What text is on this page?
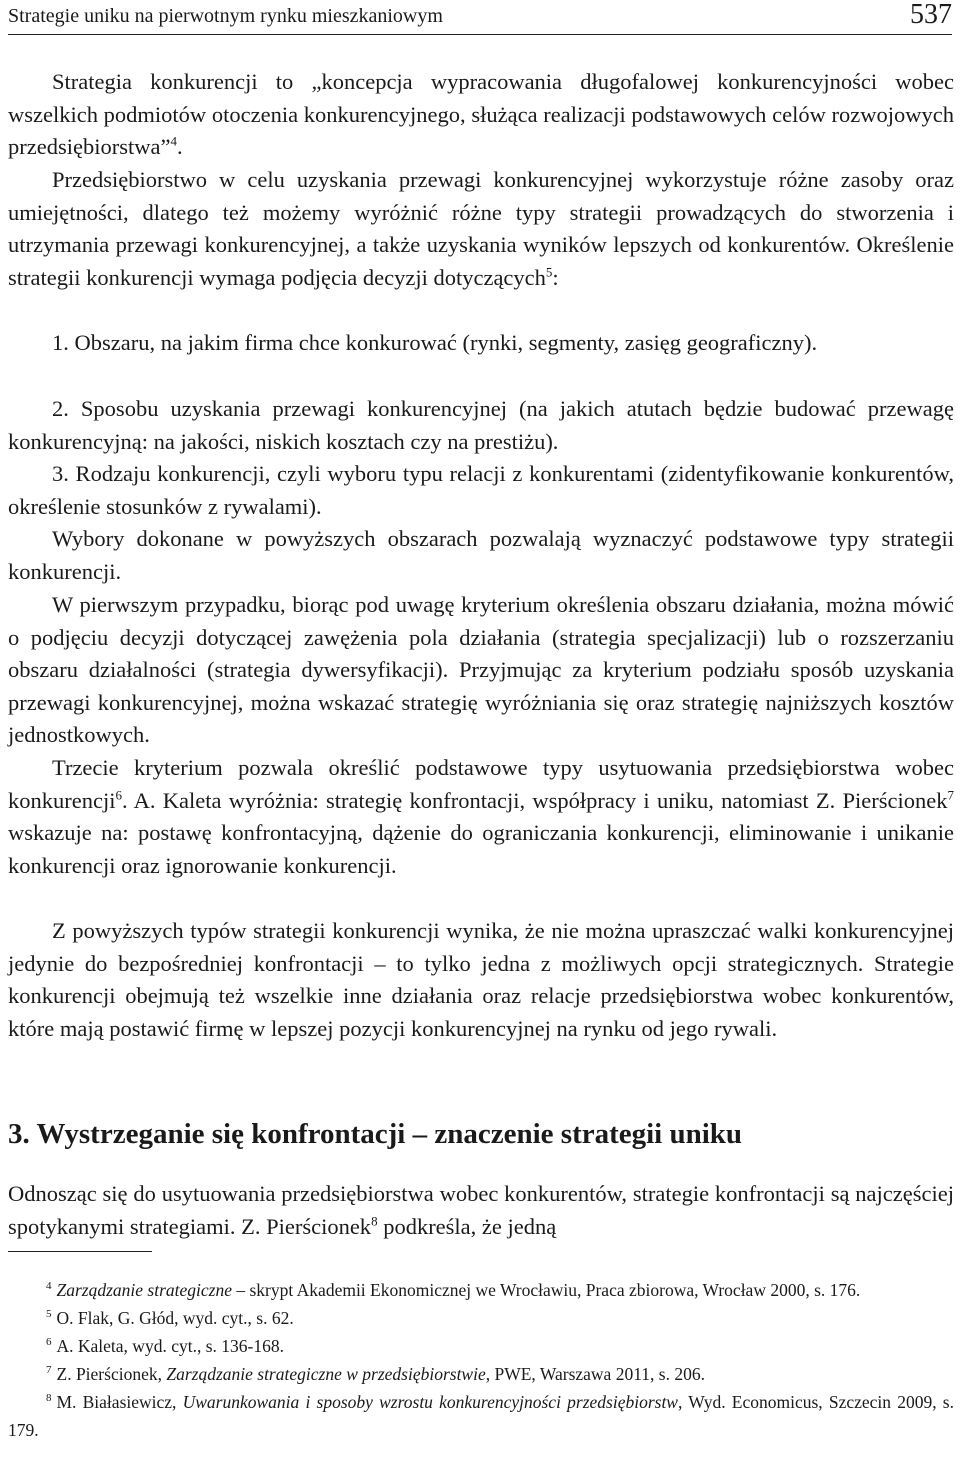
Strategie uniku na pierwotnym rynku mieszkaniowym	537

Strategia konkurencji to „koncepcja wypracowania długofalowej konkurencyjności wobec wszelkich podmiotów otoczenia konkurencyjnego, służąca realizacji podstawowych celów rozwojowych przedsiębiorstwa”$^4$.

Przedsiębiorstwo w celu uzyskania przewagi konkurencyjnej wykorzystuje różne zasoby oraz umiejętności, dlatego też możemy wyróżnić różne typy strategii prowadzących do stworzenia i utrzymania przewagi konkurencyjnej, a także uzyskania wyników lepszych od konkurentów. Określenie strategii konkurencji wymaga podjęcia decyzji dotyczących$^5$:

1. Obszaru, na jakim firma chce konkurować (rynki, segmenty, zasięg geograficzny).

2. Sposobu uzyskania przewagi konkurencyjnej (na jakich atutach będzie budować przewagę konkurencyjną: na jakości, niskich kosztach czy na prestiżu).

3. Rodzaju konkurencji, czyli wyboru typu relacji z konkurentami (zidentyfikowanie konkurentów, określenie stosunków z rywalami).

Wybory dokonane w powyższych obszarach pozwalają wyznaczyć podstawowe typy strategii konkurencji.

W pierwszym przypadku, biorąc pod uwagę kryterium określenia obszaru działania, można mówić o podjęciu decyzji dotyczącej zawężenia pola działania (strategia specjalizacji) lub o rozszerzaniu obszaru działalności (strategia dywersyfikacji). Przyjmując za kryterium podziału sposób uzyskania przewagi konkurencyjnej, można wskazać strategię wyróżniania się oraz strategię najniższych kosztów jednostkowych.

Trzecie kryterium pozwala określić podstawowe typy usytuowania przedsiębiorstwa wobec konkurencji$^6$. A. Kaleta wyróżnia: strategię konfrontacji, współpracy i uniku, natomiast Z. Pierścionek$^7$ wskazuje na: postawę konfrontacyjną, dążenie do ograniczania konkurencji, eliminowanie i unikanie konkurencji oraz ignorowanie konkurencji.

Z powyższych typów strategii konkurencji wynika, że nie można upraszczać walki konkurencyjnej jedynie do bezpośredniej konfrontacji – to tylko jedna z możliwych opcji strategicznych. Strategie konkurencji obejmują też wszelkie inne działania oraz relacje przedsiębiorstwa wobec konkurentów, które mają postawić firmę w lepszej pozycji konkurencyjnej na rynku od jego rywali.

3. Wystrzeganie się konfrontacji – znaczenie strategii uniku

Odnosząc się do usytuowania przedsiębiorstwa wobec konkurentów, strategie konfrontacji są najczęściej spotykanymi strategiami. Z. Pierścionek$^8$ podkreśla, że jedną

$^4$ Zarządzanie strategiczne – skrypt Akademii Ekonomicznej we Wrocławiu, Praca zbiorowa, Wrocław 2000, s. 176.

$^5$ O. Flak, G. Głód, wyd. cyt., s. 62.

$^6$ A. Kaleta, wyd. cyt., s. 136-168.

$^7$ Z. Pierścionek, Zarządzanie strategiczne w przedsiębiorstwie, PWE, Warszawa 2011, s. 206.

$^8$ M. Białasiewicz, Uwarunkowania i sposoby wzrostu konkurencyjności przedsiębiorstw, Wyd. Economicus, Szczecin 2009, s. 179.
